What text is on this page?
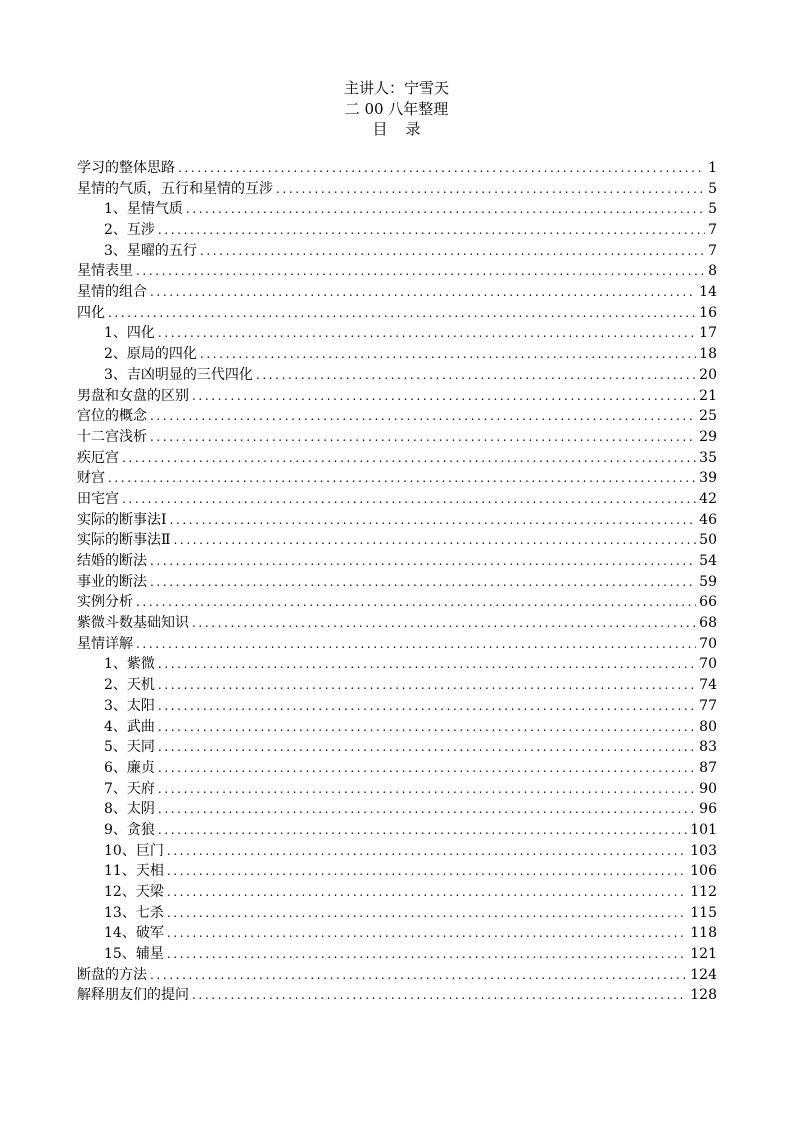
主讲人：宁雪天
二 00 八年整理
目 录
学习的整体思路 .....	1
星情的气质，五行和星情的互涉 .....	5
1、星情气质 .....	5
2、互涉 .....	7
3、星曜的五行 .....	7
星情表里 .....	8
星情的组合 .....	14
四化 .....	16
1、四化 .....	17
2、原局的四化 .....	18
3、吉凶明显的三代四化 .....	20
男盘和女盘的区别 .....	21
宫位的概念 .....	25
十二宫浅析 .....	29
疾厄宫 .....	35
财宫 .....	39
田宅宫 .....	42
实际的断事法Ⅰ .....	46
实际的断事法Ⅱ .....	50
结婚的断法 .....	54
事业的断法 .....	59
实例分析 .....	66
紫微斗数基础知识 .....	68
星情详解 .....	70
1、紫微 .....	70
2、天机 .....	74
3、太阳 .....	77
4、武曲 .....	80
5、天同 .....	83
6、廉贞 .....	87
7、天府 .....	90
8、太阴 .....	96
9、贪狼 .....	101
10、巨门 .....	103
11、天相 .....	106
12、天梁 .....	112
13、七杀 .....	115
14、破军 .....	118
15、辅星 .....	121
断盘的方法 .....	124
解释朋友们的提问 .....	128
